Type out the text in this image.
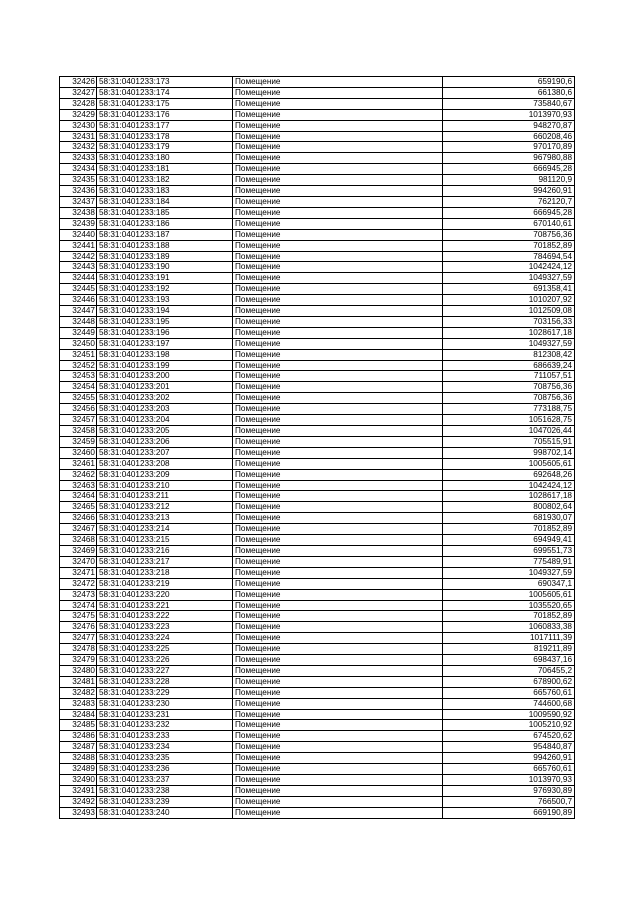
32426	58:31:0401233:173	Помещение	659190,6
32427	58:31:0401233:174	Помещение	661380,6
32428	58:31:0401233:175	Помещение	735840,67
32429	58:31:0401233:176	Помещение	1013970,93
32430	58:31:0401233:177	Помещение	948270,87
32431	58:31:0401233:178	Помещение	660208,46
32432	58:31:0401233:179	Помещение	970170,89
32433	58:31:0401233:180	Помещение	967980,88
32434	58:31:0401233:181	Помещение	666945,28
32435	58:31:0401233:182	Помещение	981120,9
32436	58:31:0401233:183	Помещение	994260,91
32437	58:31:0401233:184	Помещение	762120,7
32438	58:31:0401233:185	Помещение	666945,28
32439	58:31:0401233:186	Помещение	670140,61
32440	58:31:0401233:187	Помещение	708756,36
32441	58:31:0401233:188	Помещение	701852,89
32442	58:31:0401233:189	Помещение	784694,54
32443	58:31:0401233:190	Помещение	1042424,12
32444	58:31:0401233:191	Помещение	1049327,59
32445	58:31:0401233:192	Помещение	691358,41
32446	58:31:0401233:193	Помещение	1010207,92
32447	58:31:0401233:194	Помещение	1012509,08
32448	58:31:0401233:195	Помещение	703156,33
32449	58:31:0401233:196	Помещение	1028617,18
32450	58:31:0401233:197	Помещение	1049327,59
32451	58:31:0401233:198	Помещение	812308,42
32452	58:31:0401233:199	Помещение	686639,24
32453	58:31:0401233:200	Помещение	711057,51
32454	58:31:0401233:201	Помещение	708756,36
32455	58:31:0401233:202	Помещение	708756,36
32456	58:31:0401233:203	Помещение	773188,75
32457	58:31:0401233:204	Помещение	1051628,75
32458	58:31:0401233:205	Помещение	1047026,44
32459	58:31:0401233:206	Помещение	705515,91
32460	58:31:0401233:207	Помещение	998702,14
32461	58:31:0401233:208	Помещение	1005605,61
32462	58:31:0401233:209	Помещение	692648,26
32463	58:31:0401233:210	Помещение	1042424,12
32464	58:31:0401233:211	Помещение	1028617,18
32465	58:31:0401233:212	Помещение	800802,64
32466	58:31:0401233:213	Помещение	681930,07
32467	58:31:0401233:214	Помещение	701852,89
32468	58:31:0401233:215	Помещение	694949,41
32469	58:31:0401233:216	Помещение	699551,73
32470	58:31:0401233:217	Помещение	775489,91
32471	58:31:0401233:218	Помещение	1049327,59
32472	58:31:0401233:219	Помещение	690347,1
32473	58:31:0401233:220	Помещение	1005605,61
32474	58:31:0401233:221	Помещение	1035520,65
32475	58:31:0401233:222	Помещение	701852,89
32476	58:31:0401233:223	Помещение	1060833,38
32477	58:31:0401233:224	Помещение	1017111,39
32478	58:31:0401233:225	Помещение	819211,89
32479	58:31:0401233:226	Помещение	698437,16
32480	58:31:0401233:227	Помещение	706455,2
32481	58:31:0401233:228	Помещение	678900,62
32482	58:31:0401233:229	Помещение	665760,61
32483	58:31:0401233:230	Помещение	744600,68
32484	58:31:0401233:231	Помещение	1009590,92
32485	58:31:0401233:232	Помещение	1005210,92
32486	58:31:0401233:233	Помещение	674520,62
32487	58:31:0401233:234	Помещение	954840,87
32488	58:31:0401233:235	Помещение	994260,91
32489	58:31:0401233:236	Помещение	665760,61
32490	58:31:0401233:237	Помещение	1013970,93
32491	58:31:0401233:238	Помещение	976930,89
32492	58:31:0401233:239	Помещение	766500,7
32493	58:31:0401233:240	Помещение	669190,89
